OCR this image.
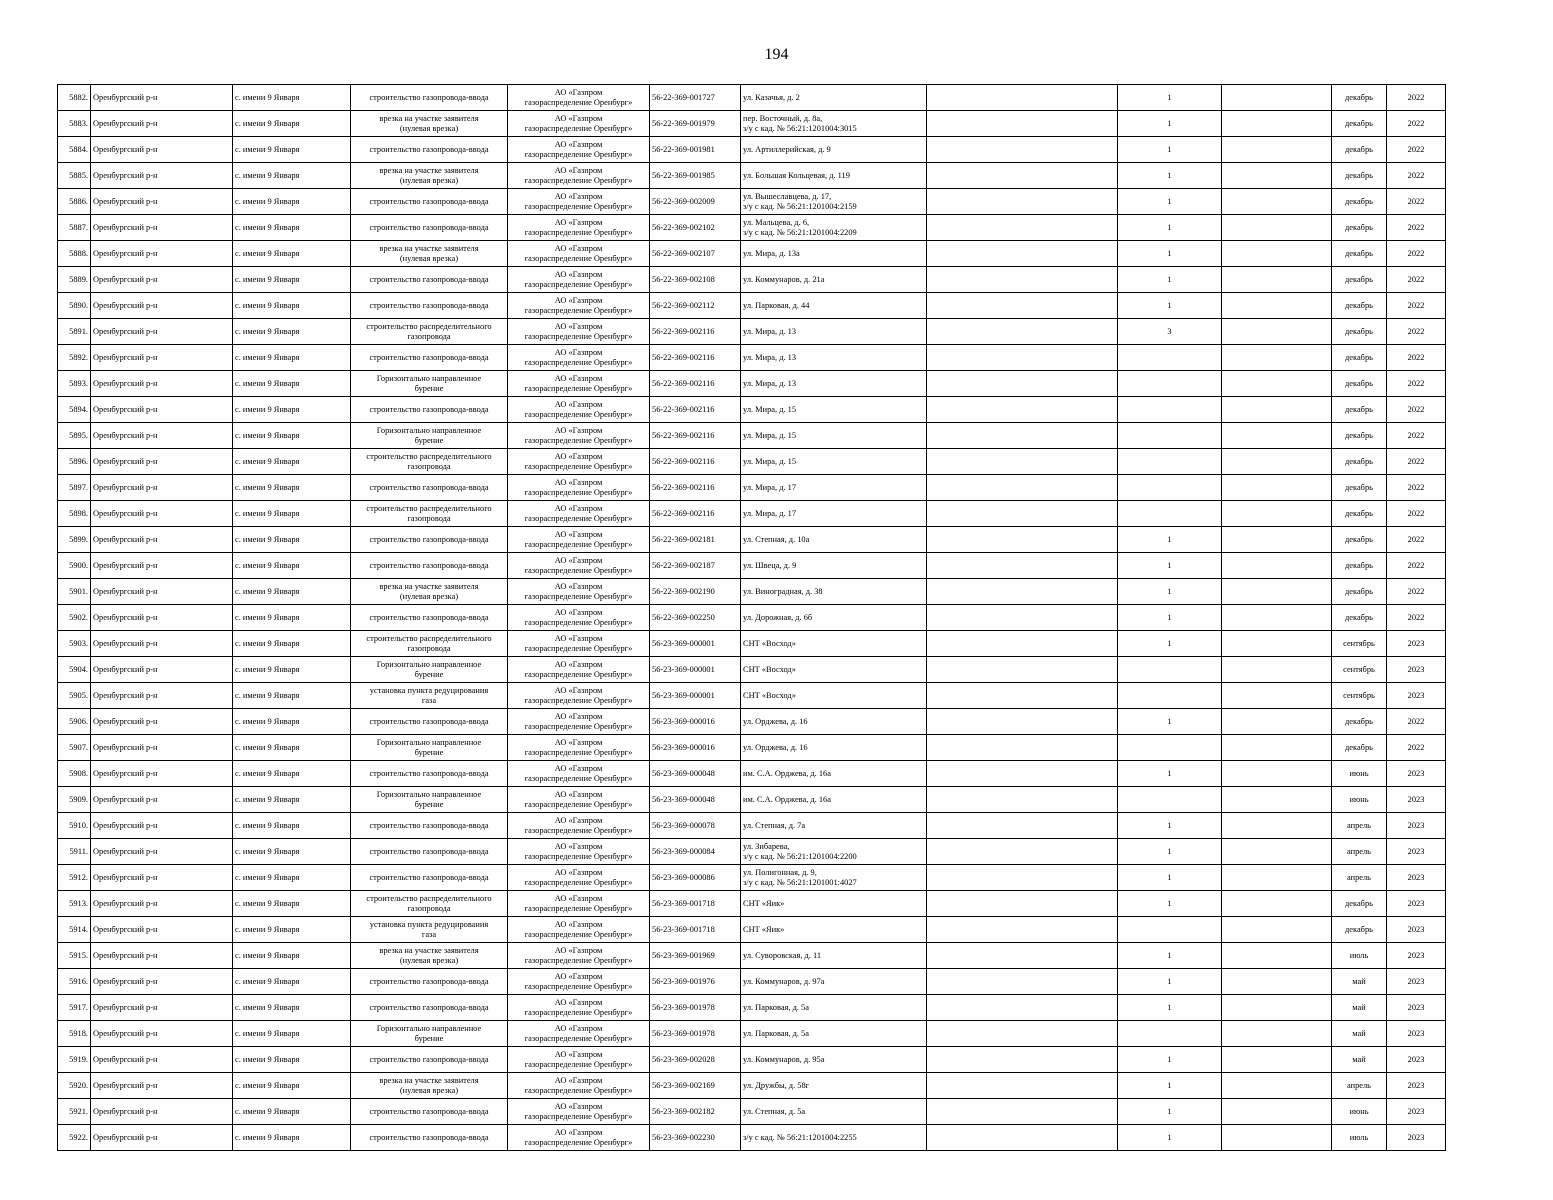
194
5882.	Оренбургский р-н	с. имени 9 Января	строительство газопровода-ввода	АО «Газпром
газораспределение Оренбург»	56-22-369-001727	ул. Казачья, д. 2		1		декабрь	2022
5883.	Оренбургский р-н	с. имени 9 Января	врезка на участке заявителя
(нулевая врезка)	АО «Газпром
газораспределение Оренбург»	56-22-369-001979	пер. Восточный, д. 8а,
з/у с кад. № 56:21:1201004:3015		1		декабрь	2022
5884.	Оренбургский р-н	с. имени 9 Января	строительство газопровода-ввода	АО «Газпром
газораспределение Оренбург»	56-22-369-001981	ул. Артиллерийская, д. 9		1		декабрь	2022
5885.	Оренбургский р-н	с. имени 9 Января	врезка на участке заявителя
(нулевая врезка)	АО «Газпром
газораспределение Оренбург»	56-22-369-001985	ул. Большая Кольцевая, д. 119		1		декабрь	2022
5886.	Оренбургский р-н	с. имени 9 Января	строительство газопровода-ввода	АО «Газпром
газораспределение Оренбург»	56-22-369-002009	ул. Вышеславцева, д. 17,
з/у с кад. № 56:21:1201004:2159		1		декабрь	2022
5887.	Оренбургский р-н	с. имени 9 Января	строительство газопровода-ввода	АО «Газпром
газораспределение Оренбург»	56-22-369-002102	ул. Мальцева, д. 6,
з/у с кад. № 56:21:1201004:2209		1		декабрь	2022
5888.	Оренбургский р-н	с. имени 9 Января	врезка на участке заявителя
(нулевая врезка)	АО «Газпром
газораспределение Оренбург»	56-22-369-002107	ул. Мира, д. 13а		1		декабрь	2022
5889.	Оренбургский р-н	с. имени 9 Января	строительство газопровода-ввода	АО «Газпром
газораспределение Оренбург»	56-22-369-002108	ул. Коммунаров, д. 21а		1		декабрь	2022
5890.	Оренбургский р-н	с. имени 9 Января	строительство газопровода-ввода	АО «Газпром
газораспределение Оренбург»	56-22-369-002112	ул. Парковая, д. 44		1		декабрь	2022
5891.	Оренбургский р-н	с. имени 9 Января	строительство распределительного
газопровода	АО «Газпром
газораспределение Оренбург»	56-22-369-002116	ул. Мира, д. 13		3		декабрь	2022
5892.	Оренбургский р-н	с. имени 9 Января	строительство газопровода-ввода	АО «Газпром
газораспределение Оренбург»	56-22-369-002116	ул. Мира, д. 13				декабрь	2022
5893.	Оренбургский р-н	с. имени 9 Января	Горизонтально направленное
бурение	АО «Газпром
газораспределение Оренбург»	56-22-369-002116	ул. Мира, д. 13				декабрь	2022
5894.	Оренбургский р-н	с. имени 9 Января	строительство газопровода-ввода	АО «Газпром
газораспределение Оренбург»	56-22-369-002116	ул. Мира, д. 15				декабрь	2022
5895.	Оренбургский р-н	с. имени 9 Января	Горизонтально направленное
бурение	АО «Газпром
газораспределение Оренбург»	56-22-369-002116	ул. Мира, д. 15				декабрь	2022
5896.	Оренбургский р-н	с. имени 9 Января	строительство распределительного
газопровода	АО «Газпром
газораспределение Оренбург»	56-22-369-002116	ул. Мира, д. 15				декабрь	2022
5897.	Оренбургский р-н	с. имени 9 Января	строительство газопровода-ввода	АО «Газпром
газораспределение Оренбург»	56-22-369-002116	ул. Мира, д. 17				декабрь	2022
5898.	Оренбургский р-н	с. имени 9 Января	строительство распределительного
газопровода	АО «Газпром
газораспределение Оренбург»	56-22-369-002116	ул. Мира, д. 17				декабрь	2022
5899.	Оренбургский р-н	с. имени 9 Января	строительство газопровода-ввода	АО «Газпром
газораспределение Оренбург»	56-22-369-002181	ул. Степная, д. 10а		1		декабрь	2022
5900.	Оренбургский р-н	с. имени 9 Января	строительство газопровода-ввода	АО «Газпром
газораспределение Оренбург»	56-22-369-002187	ул. Швеца, д. 9		1		декабрь	2022
5901.	Оренбургский р-н	с. имени 9 Января	врезка на участке заявителя
(нулевая врезка)	АО «Газпром
газораспределение Оренбург»	56-22-369-002190	ул. Виноградная, д. 38		1		декабрь	2022
5902.	Оренбургский р-н	с. имени 9 Января	строительство газопровода-ввода	АО «Газпром
газораспределение Оренбург»	56-22-369-002250	ул. Дорожная, д. 6б		1		декабрь	2022
5903.	Оренбургский р-н	с. имени 9 Января	строительство распределительного
газопровода	АО «Газпром
газораспределение Оренбург»	56-23-369-000001	СНТ «Восход»		1		сентябрь	2023
5904.	Оренбургский р-н	с. имени 9 Января	Горизонтально направленное
бурение	АО «Газпром
газораспределение Оренбург»	56-23-369-000001	СНТ «Восход»				сентябрь	2023
5905.	Оренбургский р-н	с. имени 9 Января	установка пункта редуцирования
газа	АО «Газпром
газораспределение Оренбург»	56-23-369-000001	СНТ «Восход»				сентябрь	2023
5906.	Оренбургский р-н	с. имени 9 Января	строительство газопровода-ввода	АО «Газпром
газораспределение Оренбург»	56-23-369-000016	ул. Орджева, д. 16		1		декабрь	2022
5907.	Оренбургский р-н	с. имени 9 Января	Горизонтально направленное
бурение	АО «Газпром
газораспределение Оренбург»	56-23-369-000016	ул. Орджева, д. 16				декабрь	2022
5908.	Оренбургский р-н	с. имени 9 Января	строительство газопровода-ввода	АО «Газпром
газораспределение Оренбург»	56-23-369-000048	им. С.А. Орджева, д. 16а		1		июнь	2023
5909.	Оренбургский р-н	с. имени 9 Января	Горизонтально направленное
бурение	АО «Газпром
газораспределение Оренбург»	56-23-369-000048	им. С.А. Орджева, д. 16а				июнь	2023
5910.	Оренбургский р-н	с. имени 9 Января	строительство газопровода-ввода	АО «Газпром
газораспределение Оренбург»	56-23-369-000078	ул. Степная, д. 7а		1		апрель	2023
5911.	Оренбургский р-н	с. имени 9 Января	строительство газопровода-ввода	АО «Газпром
газораспределение Оренбург»	56-23-369-000084	ул. Зибарева,
з/у с кад. № 56:21:1201004:2200		1		апрель	2023
5912.	Оренбургский р-н	с. имени 9 Января	строительство газопровода-ввода	АО «Газпром
газораспределение Оренбург»	56-23-369-000086	ул. Полигонная, д. 9,
з/у с кад. № 56:21:1201001:4027		1		апрель	2023
5913.	Оренбургский р-н	с. имени 9 Января	строительство распределительного
газопровода	АО «Газпром
газораспределение Оренбург»	56-23-369-001718	СНТ «Яик»		1		декабрь	2023
5914.	Оренбургский р-н	с. имени 9 Января	установка пункта редуцирования
газа	АО «Газпром
газораспределение Оренбург»	56-23-369-001718	СНТ «Яик»				декабрь	2023
5915.	Оренбургский р-н	с. имени 9 Января	врезка на участке заявителя
(нулевая врезка)	АО «Газпром
газораспределение Оренбург»	56-23-369-001969	ул. Суворовская, д. 11		1		июль	2023
5916.	Оренбургский р-н	с. имени 9 Января	строительство газопровода-ввода	АО «Газпром
газораспределение Оренбург»	56-23-369-001976	ул. Коммунаров, д. 97а		1		май	2023
5917.	Оренбургский р-н	с. имени 9 Января	строительство газопровода-ввода	АО «Газпром
газораспределение Оренбург»	56-23-369-001978	ул. Парковая, д. 5а		1		май	2023
5918.	Оренбургский р-н	с. имени 9 Января	Горизонтально направленное
бурение	АО «Газпром
газораспределение Оренбург»	56-23-369-001978	ул. Парковая, д. 5а				май	2023
5919.	Оренбургский р-н	с. имени 9 Января	строительство газопровода-ввода	АО «Газпром
газораспределение Оренбург»	56-23-369-002028	ул. Коммунаров, д. 95а		1		май	2023
5920.	Оренбургский р-н	с. имени 9 Января	врезка на участке заявителя
(нулевая врезка)	АО «Газпром
газораспределение Оренбург»	56-23-369-002169	ул. Дружбы, д. 58г		1		апрель	2023
5921.	Оренбургский р-н	с. имени 9 Января	строительство газопровода-ввода	АО «Газпром
газораспределение Оренбург»	56-23-369-002182	ул. Степная, д. 5а		1		июнь	2023
5922.	Оренбургский р-н	с. имени 9 Января	строительство газопровода-ввода	АО «Газпром
газораспределение Оренбург»	56-23-369-002230	з/у с кад. № 56:21:1201004:2255		1		июль	2023
